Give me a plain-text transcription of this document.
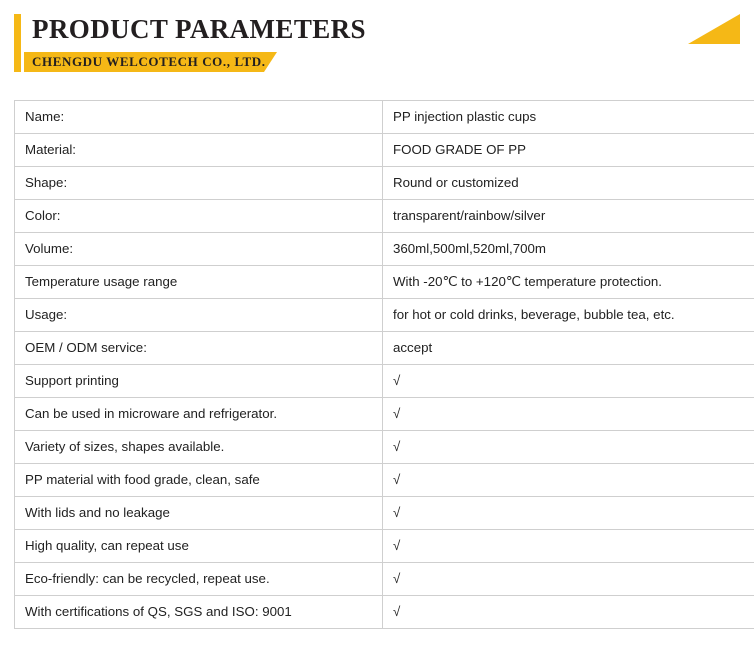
PRODUCT PARAMETERS
CHENGDU WELCOTECH CO., LTD.
Name:	PP injection plastic cups
Material:	FOOD GRADE OF PP
Shape:	Round or customized
Color:	transparent/rainbow/silver
Volume:	360ml,500ml,520ml,700m
Temperature usage range	With -20℃ to +120℃ temperature protection.
Usage:	for hot or cold drinks, beverage, bubble tea, etc.
OEM / ODM service:	accept
Support printing	√
Can be used in microware and refrigerator.	√
Variety of sizes, shapes available.	√
PP material with food grade, clean, safe	√
With lids and no leakage	√
High quality, can repeat use	√
Eco-friendly: can be recycled, repeat use.	√
With certifications of QS, SGS and ISO: 9001	√
